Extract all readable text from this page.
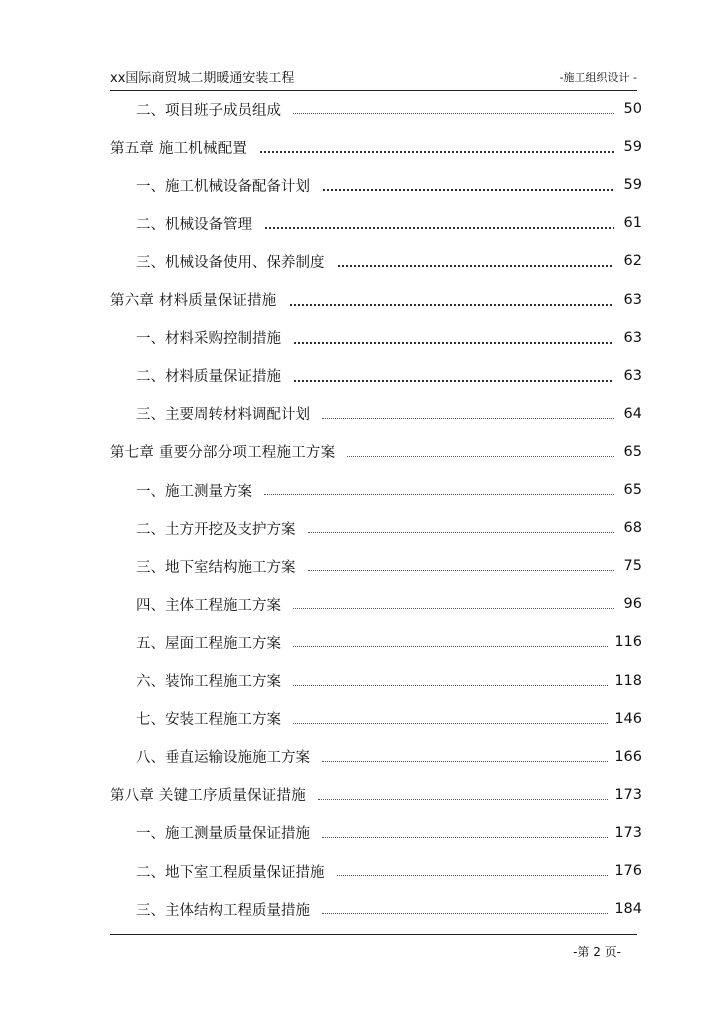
xx国际商贸城二期暖通安装工程	-施工组织设计 -
二、项目班子成员组成	50
第五章 施工机械配置	59
一、施工机械设备配备计划	59
二、机械设备管理	61
三、机械设备使用、保养制度	62
第六章 材料质量保证措施	63
一、材料采购控制措施	63
二、材料质量保证措施	63
三、主要周转材料调配计划	64
第七章 重要分部分项工程施工方案	65
一、施工测量方案	65
二、土方开挖及支护方案	68
三、地下室结构施工方案	75
四、主体工程施工方案	96
五、屋面工程施工方案	116
六、装饰工程施工方案	118
七、安装工程施工方案	146
八、垂直运输设施施工方案	166
第八章 关键工序质量保证措施	173
一、施工测量质量保证措施	173
二、地下室工程质量保证措施	176
三、主体结构工程质量措施	184
-第 2 页-
